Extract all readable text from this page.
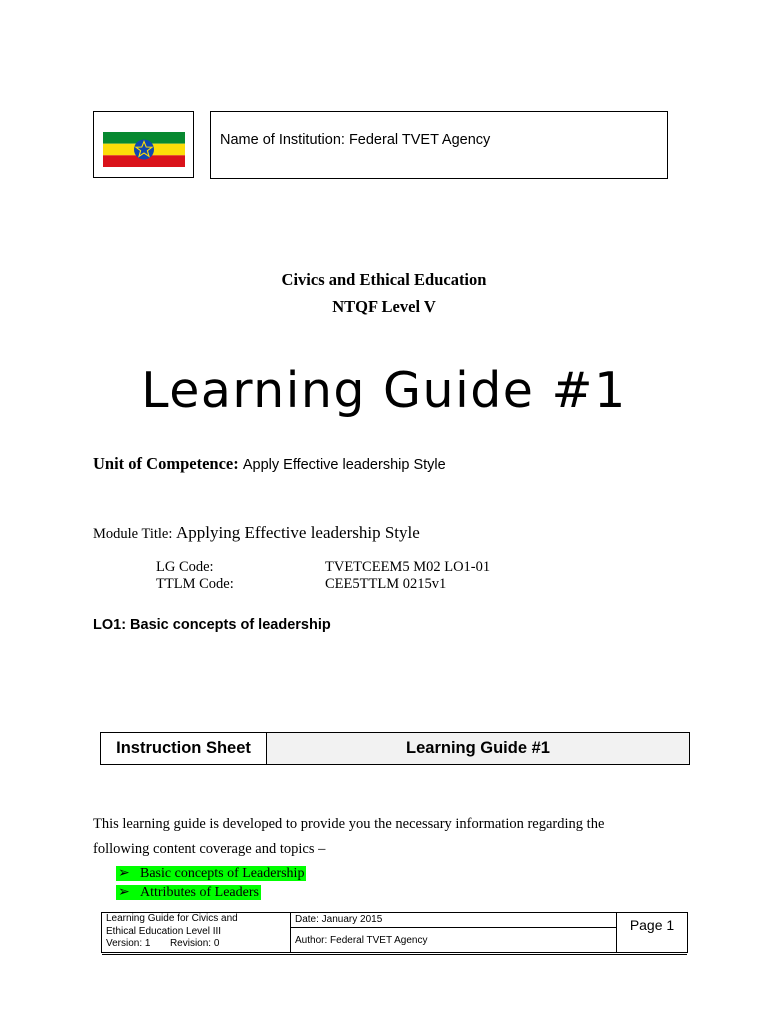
Name of Institution: Federal TVET Agency
Civics and Ethical Education
NTQF Level V
Learning Guide #1
Unit of Competence: Apply Effective leadership Style
Module Title: Applying Effective leadership Style
LG Code:	TVETCEEM5 M02 LO1-01
TTLM Code:	CEE5TTLM 0215v1
LO1: Basic concepts of leadership
Instruction Sheet	Learning Guide #1
This learning guide is developed to provide you the necessary information regarding the
following content coverage and topics –
➢ Basic concepts of Leadership
➢ Attributes of Leaders
Learning Guide for Civics and
Ethical Education Level III
Version: 1 Revision: 0
Date: January 2015
Author: Federal TVET Agency
Page 1
